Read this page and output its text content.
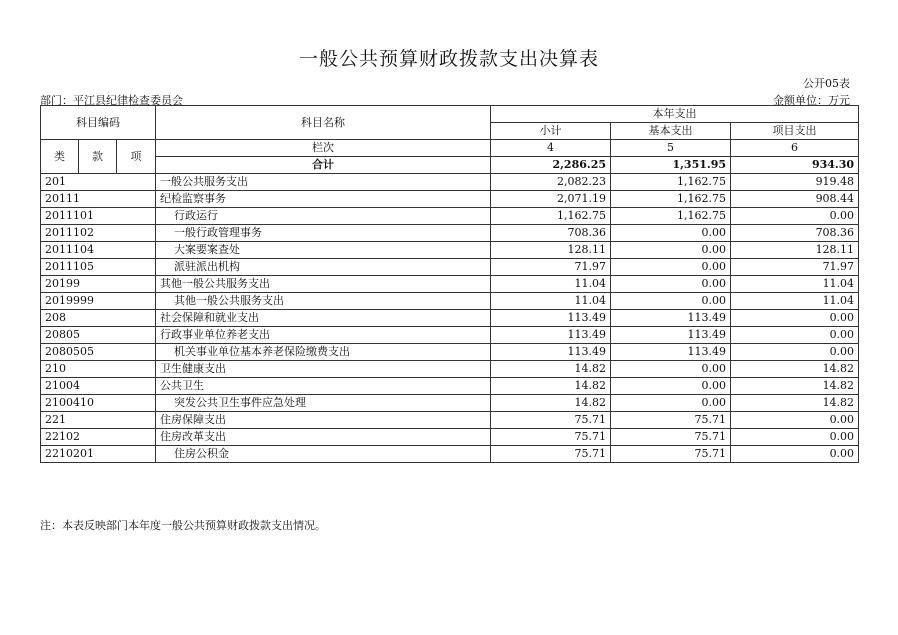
一般公共预算财政拨款支出决算表
公开05表
部门：平江县纪律检查委员会	金额单位：万元
科目编码			科目名称	本年支出		
				小计	基本支出	项目支出
类	款	项	栏次	4	5	6
			合计	2,286.25	1,351.95	934.30
201			一般公共服务支出	2,082.23	1,162.75	919.48
20111			纪检监察事务	2,071.19	1,162.75	908.44
2011101			行政运行	1,162.75	1,162.75	0.00
2011102			一般行政管理事务	708.36	0.00	708.36
2011104			大案要案查处	128.11	0.00	128.11
2011105			派驻派出机构	71.97	0.00	71.97
20199			其他一般公共服务支出	11.04	0.00	11.04
2019999			其他一般公共服务支出	11.04	0.00	11.04
208			社会保障和就业支出	113.49	113.49	0.00
20805			行政事业单位养老支出	113.49	113.49	0.00
2080505			机关事业单位基本养老保险缴费支出	113.49	113.49	0.00
210			卫生健康支出	14.82	0.00	14.82
21004			公共卫生	14.82	0.00	14.82
2100410			突发公共卫生事件应急处理	14.82	0.00	14.82
221			住房保障支出	75.71	75.71	0.00
22102			住房改革支出	75.71	75.71	0.00
2210201			住房公积金	75.71	75.71	0.00
注：本表反映部门本年度一般公共预算财政拨款支出情况。
